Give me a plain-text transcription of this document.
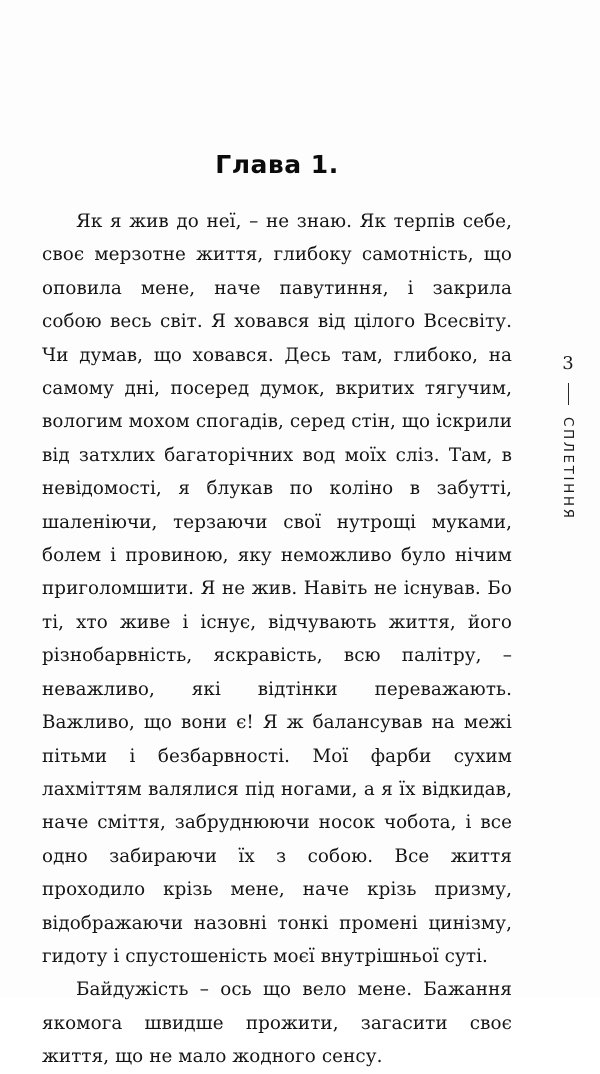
Глава 1.

Як я жив до неї, – не знаю. Як терпів себе, своє мерзотне життя, глибоку самотність, що оповила мене, наче павутиння, і закрила собою весь світ. Я ховався від цілого Всесвіту. Чи думав, що ховався. Десь там, глибоко, на самому дні, посеред думок, вкритих тягучим, вологим мохом спогадів, серед стін, що іскрили від затхлих багаторічних вод моїх сліз. Там, в невідомості, я блукав по коліно в забутті, шаленіючи, терзаючи свої нутрощі муками, болем і провиною, яку неможливо було нічим приголомшити. Я не жив. Навіть не існував. Бо ті, хто живе і існує, відчувають життя, його різнобарвність, яскравість, всю палітру, – неважливо, які відтінки переважають. Важливо, що вони є! Я ж балансував на межі пітьми і безбарвності. Мої фарби сухим лахміттям валялися під ногами, а я їх відкидав, наче сміття, забруднюючи носок чобота, і все одно забираючи їх з собою. Все життя проходило крізь мене, наче крізь призму, відображаючи назовні тонкі промені цинізму, гидоту і спустошеність моєї внутрішньої суті.

Байдужість – ось що вело мене. Бажання якомога швидше прожити, загасити своє життя, що не мало жодного сенсу.

3
СПЛЕТІННЯ
